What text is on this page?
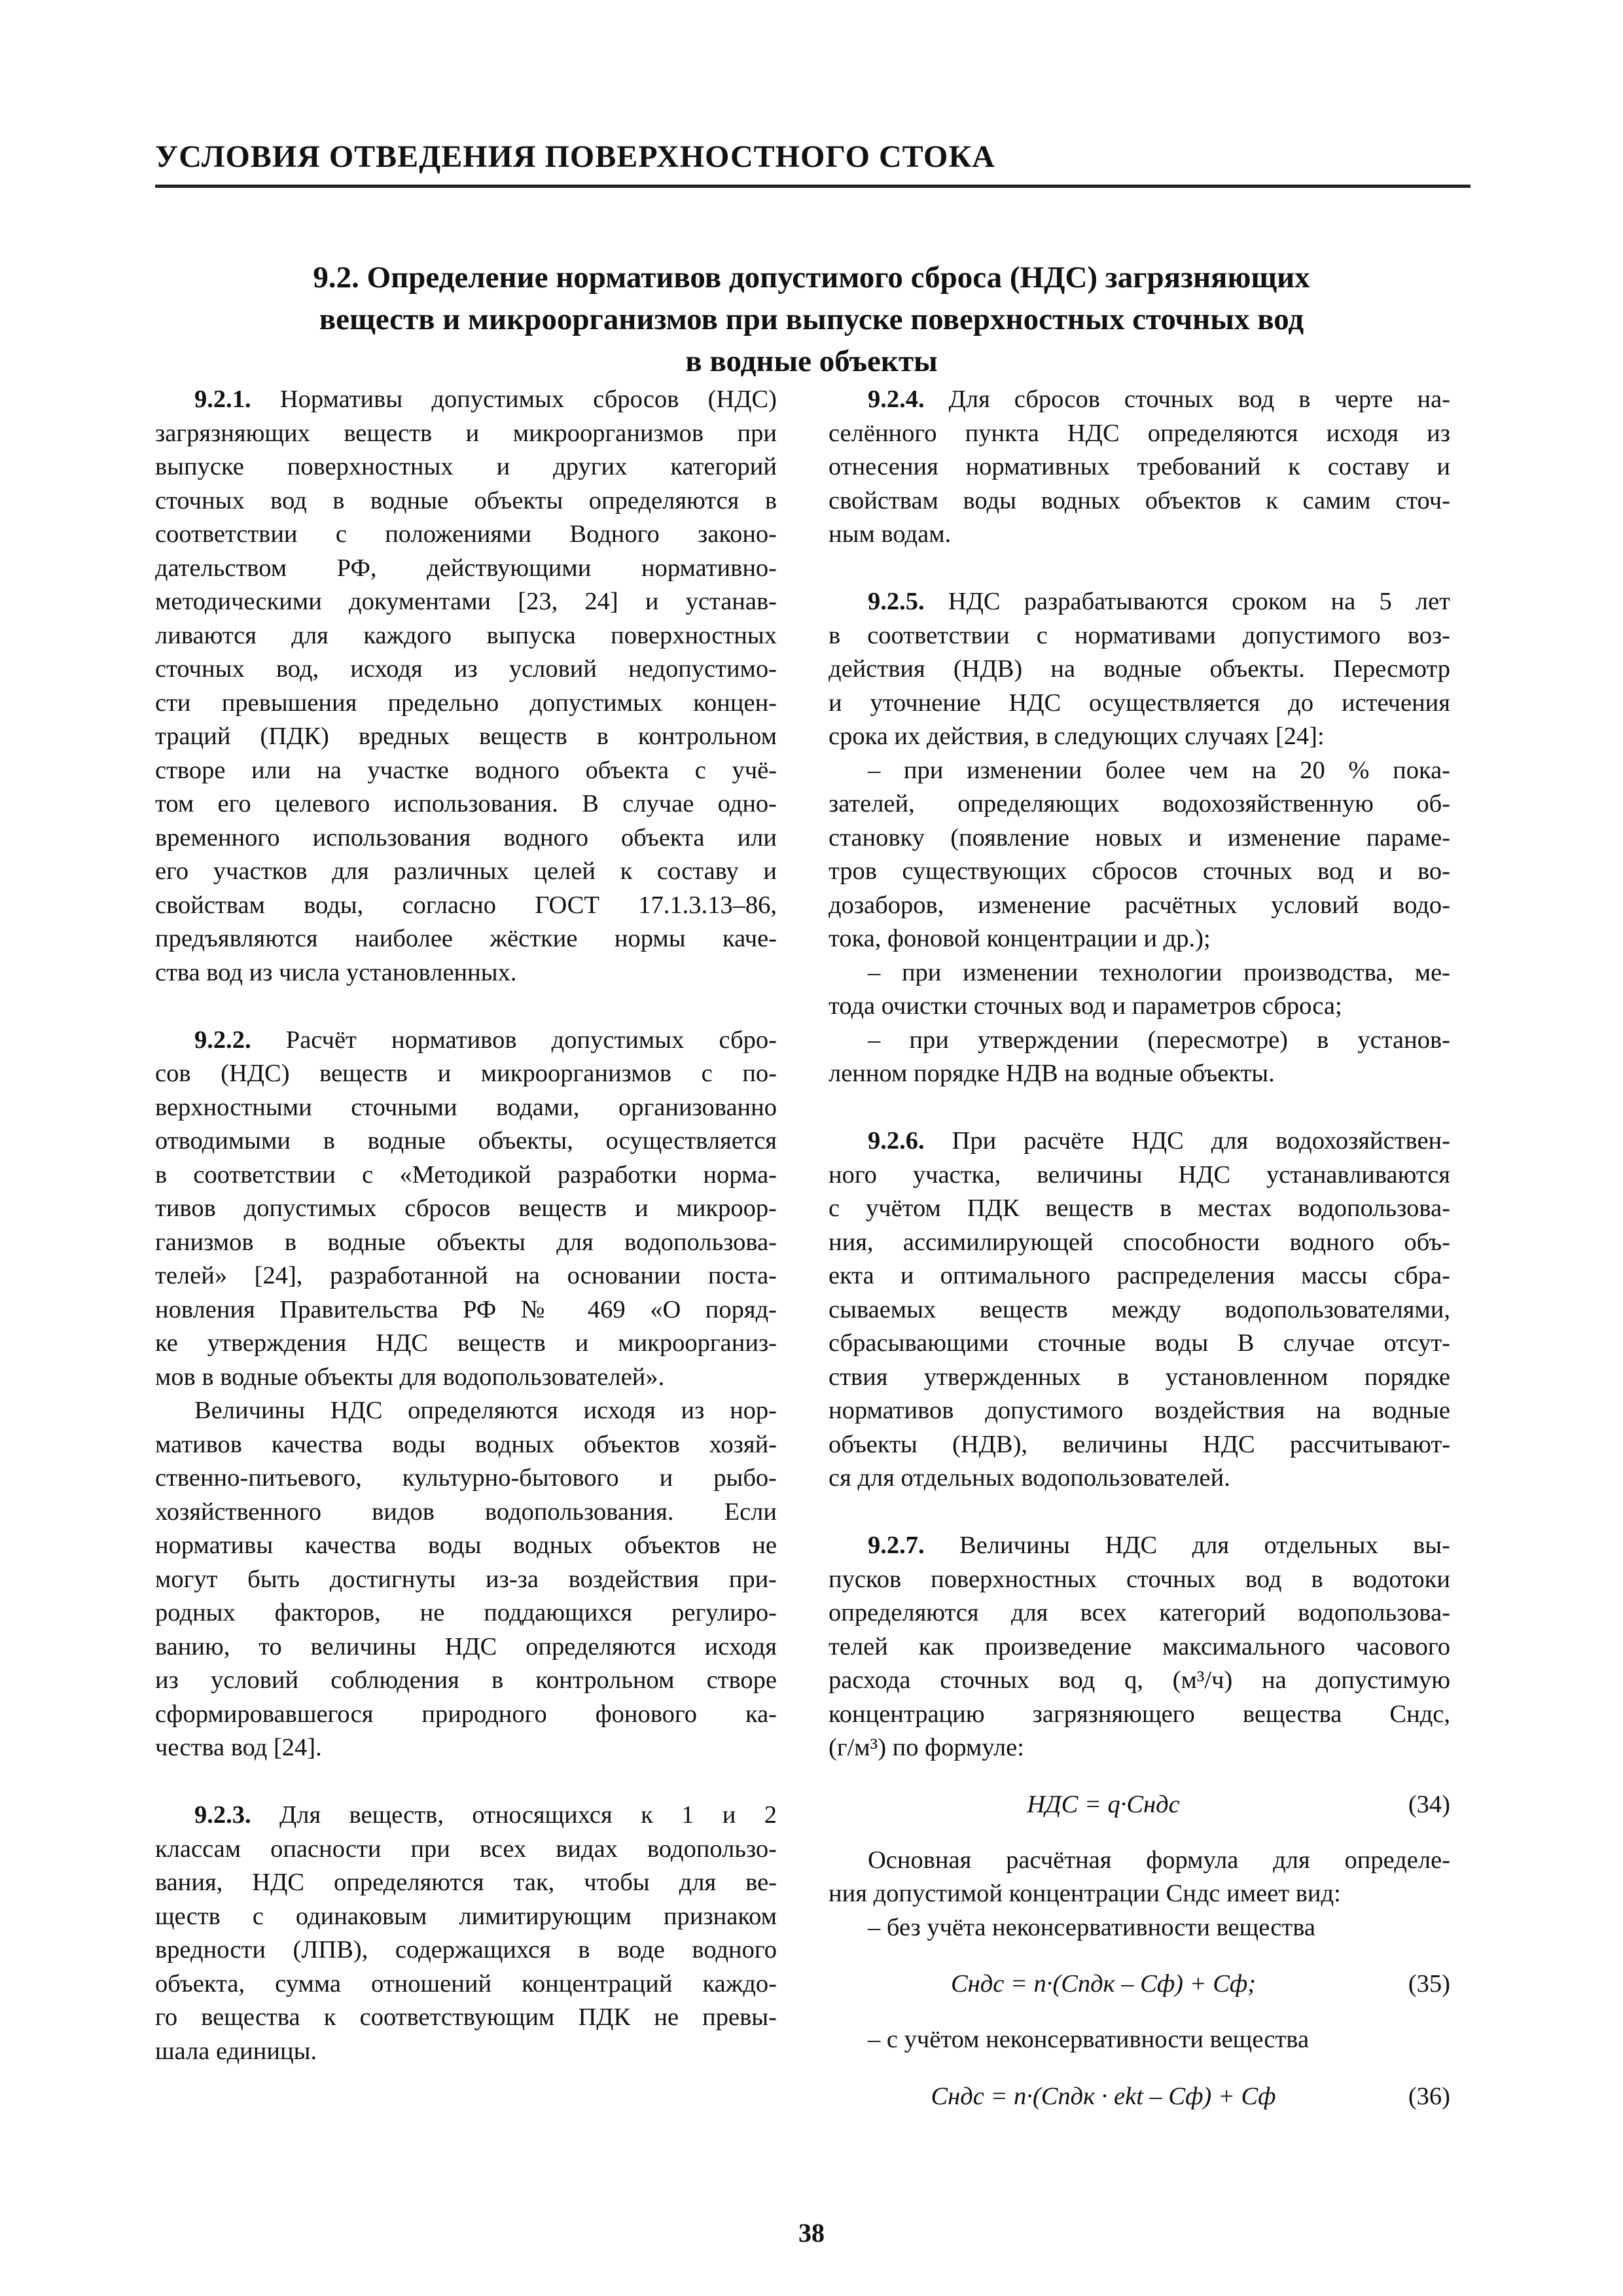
УСЛОВИЯ ОТВЕДЕНИЯ ПОВЕРХНОСТНОГО СТОКА
9.2. Определение нормативов допустимого сброса (НДС) загрязняющих
веществ и микроорганизмов при выпуске поверхностных сточных вод
в водные объекты
9.2.1. Нормативы допустимых сбросов (НДС)
загрязняющих веществ и микроорганизмов при
выпуске поверхностных и других категорий
сточных вод в водные объекты определяются в
соответствии с положениями Водного законо-
дательством РФ, действующими нормативно-
методическими документами [23, 24] и устанав-
ливаются для каждого выпуска поверхностных
сточных вод, исходя из условий недопустимо-
сти превышения предельно допустимых концен-
траций (ПДК) вредных веществ в контрольном
створе или на участке водного объекта с учё-
том его целевого использования. В случае одно-
временного использования водного объекта или
его участков для различных целей к составу и
свойствам воды, согласно ГОСТ 17.1.3.13–86,
предъявляются наиболее жёсткие нормы каче-
ства вод из числа установленных.
9.2.2. Расчёт нормативов допустимых сбро-
сов (НДС) веществ и микроорганизмов с по-
верхностными сточными водами, организованно
отводимыми в водные объекты, осуществляется
в соответствии с «Методикой разработки норма-
тивов допустимых сбросов веществ и микроор-
ганизмов в водные объекты для водопользова-
телей» [24], разработанной на основании поста-
новления Правительства РФ № 469 «О поряд-
ке утверждения НДС веществ и микроорганиз-
мов в водные объекты для водопользователей».
Величины НДС определяются исходя из нор-
мативов качества воды водных объектов хозяй-
ственно-питьевого, культурно-бытового и рыбо-
хозяйственного видов водопользования. Если
нормативы качества воды водных объектов не
могут быть достигнуты из-за воздействия при-
родных факторов, не поддающихся регулиро-
ванию, то величины НДС определяются исходя
из условий соблюдения в контрольном створе
сформировавшегося природного фонового ка-
чества вод [24].
9.2.3. Для веществ, относящихся к 1 и 2
классам опасности при всех видах водопользо-
вания, НДС определяются так, чтобы для ве-
ществ с одинаковым лимитирующим признаком
вредности (ЛПВ), содержащихся в воде водного
объекта, сумма отношений концентраций каждо-
го вещества к соответствующим ПДК не превы-
шала единицы.
9.2.4. Для сбросов сточных вод в черте на-
селённого пункта НДС определяются исходя из
отнесения нормативных требований к составу и
свойствам воды водных объектов к самим сточ-
ным водам.
9.2.5. НДС разрабатываются сроком на 5 лет
в соответствии с нормативами допустимого воз-
действия (НДВ) на водные объекты. Пересмотр
и уточнение НДС осуществляется до истечения
срока их действия, в следующих случаях [24]:
– при изменении более чем на 20 % пока-
зателей, определяющих водохозяйственную об-
становку (появление новых и изменение параме-
тров существующих сбросов сточных вод и во-
дозаборов, изменение расчётных условий водо-
тока, фоновой концентрации и др.);
– при изменении технологии производства, ме-
тода очистки сточных вод и параметров сброса;
– при утверждении (пересмотре) в установ-
ленном порядке НДВ на водные объекты.
9.2.6. При расчёте НДС для водохозяйствен-
ного участка, величины НДС устанавливаются
с учётом ПДК веществ в местах водопользова-
ния, ассимилирующей способности водного объ-
екта и оптимального распределения массы сбра-
сываемых веществ между водопользователями,
сбрасывающими сточные воды В случае отсут-
ствия утвержденных в установленном порядке
нормативов допустимого воздействия на водные
объекты (НДВ), величины НДС рассчитывают-
ся для отдельных водопользователей.
9.2.7. Величины НДС для отдельных вы-
пусков поверхностных сточных вод в водотоки
определяются для всех категорий водопользова-
телей как произведение максимального часового
расхода сточных вод q, (м³/ч) на допустимую
концентрацию загрязняющего вещества Cндс,
(г/м³) по формуле:
НДС = q·Cндс	(34)
Основная расчётная формула для определе-
ния допустимой концентрации Cндс имеет вид:
– без учёта неконсервативности вещества
Cндс = n·(Cпдк – Cф) + Cф;	(35)
– с учётом неконсервативности вещества
Cндс = n·(Cпдк · ekt – Cф) + Cф	(36)
38
